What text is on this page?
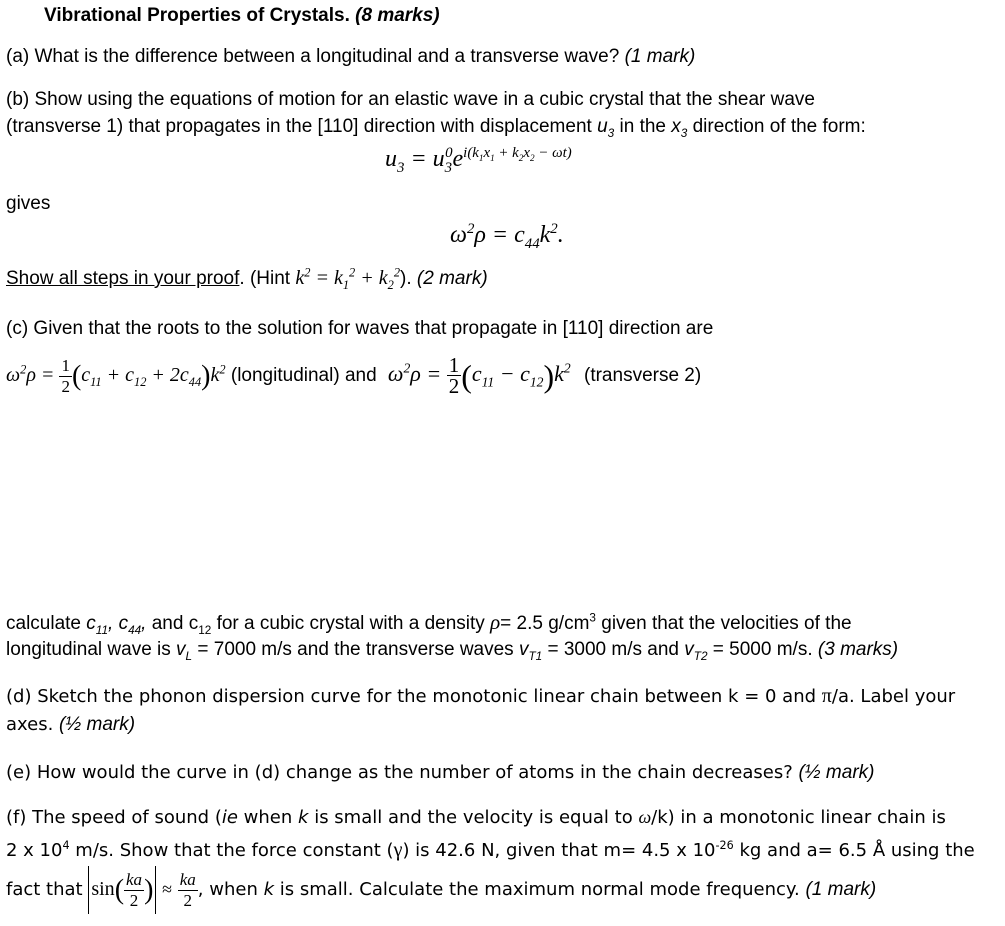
Vibrational Properties of Crystals. (8 marks)
(a) What is the difference between a longitudinal and a transverse wave? (1 mark)
(b) Show using the equations of motion for an elastic wave in a cubic crystal that the shear wave
(transverse 1) that propagates in the [110] direction with displacement $u_3$ in the $x_3$ direction of the form:
$u_3 = u_3^0e^{i(k_1x_1 + k_2x_2 - \omega t)}$
gives
$\omega^2\rho = c_{44}k^2$.
Show all steps in your proof. (Hint $k^2 = k_1^2 + k_2^2$). (2 mark)
(c) Given that the roots to the solution for waves that propagate in [110] direction are
$\omega^2\rho = \frac{1}{2} (c_{11} + c_{12} + 2c_{44})k^2$ (longitudinal) and $\omega^2\rho = \frac{1}{2} (c_{11} - c_{12})k^2$ (transverse 2)
calculate $c_{11}$, $c_{44}$, and $c_{12}$ for a cubic crystal with a density ρ= 2.5 $g/cm^3$ given that the velocities of the
longitudinal wave is $v_L = 7000$ m/s and the transverse waves $v_{T1} = 3000$ m/s and $v_{T2} = 5000$ m/s. (3 marks)
(d) Sketch the phonon dispersion curve for the monotonic linear chain between k = 0 and π/a. Label your
axes. (½ mark)
(e) How would the curve in (d) change as the number of atoms in the chain decreases? (½ mark)
(f) The speed of sound (ie when k is small and the velocity is equal to ω/k) in a monotonic linear chain is
2 x $10^4$ m/s. Show that the force constant (γ) is 42.6 N, given that m= 4.5 x $10^{-26}$ kg and a= 6.5 Å using the
fact that $\sin( \frac{ka}{2}$ ) ≈ $\frac{ka}{2}$ , when k is small. Calculate the maximum normal mode frequency. (1 mark)
